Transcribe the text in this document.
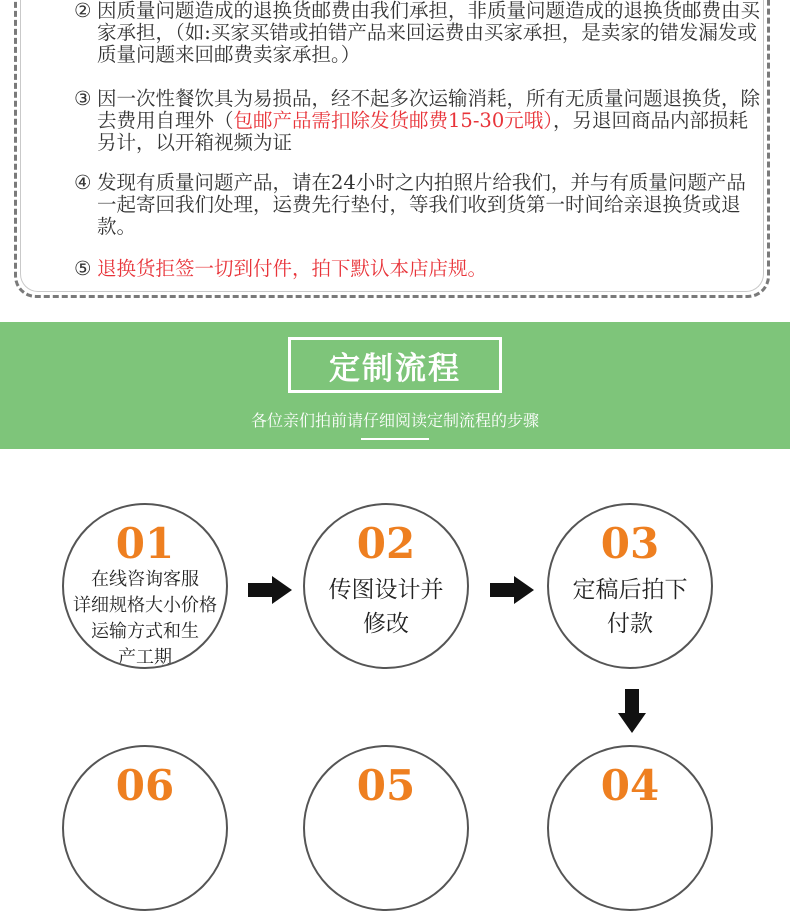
② 因质量问题造成的退换货邮费由我们承担，非质量问题造成的退换货邮费由买家承担，（如:买家买错或拍错产品来回运费由买家承担，是卖家的错发漏发或质量问题来回邮费卖家承担。）
③ 因一次性餐饮具为易损品，经不起多次运输消耗，所有无质量问题退换货，除去费用自理外（包邮产品需扣除发货邮费15-30元哦），另退回商品内部损耗另计，以开箱视频为证
④ 发现有质量问题产品，请在24小时之内拍照片给我们，并与有质量问题产品一起寄回我们处理，运费先行垫付，等我们收到货第一时间给亲退换货或退款。
⑤ 退换货拒签一切到付件，拍下默认本店店规。
定制流程
各位亲们拍前请仔细阅读定制流程的步骤
01
在线咨询客服
详细规格大小价格
运输方式和生
产工期
02
传图设计并
修改
03
定稿后拍下
付款
06	05	04
